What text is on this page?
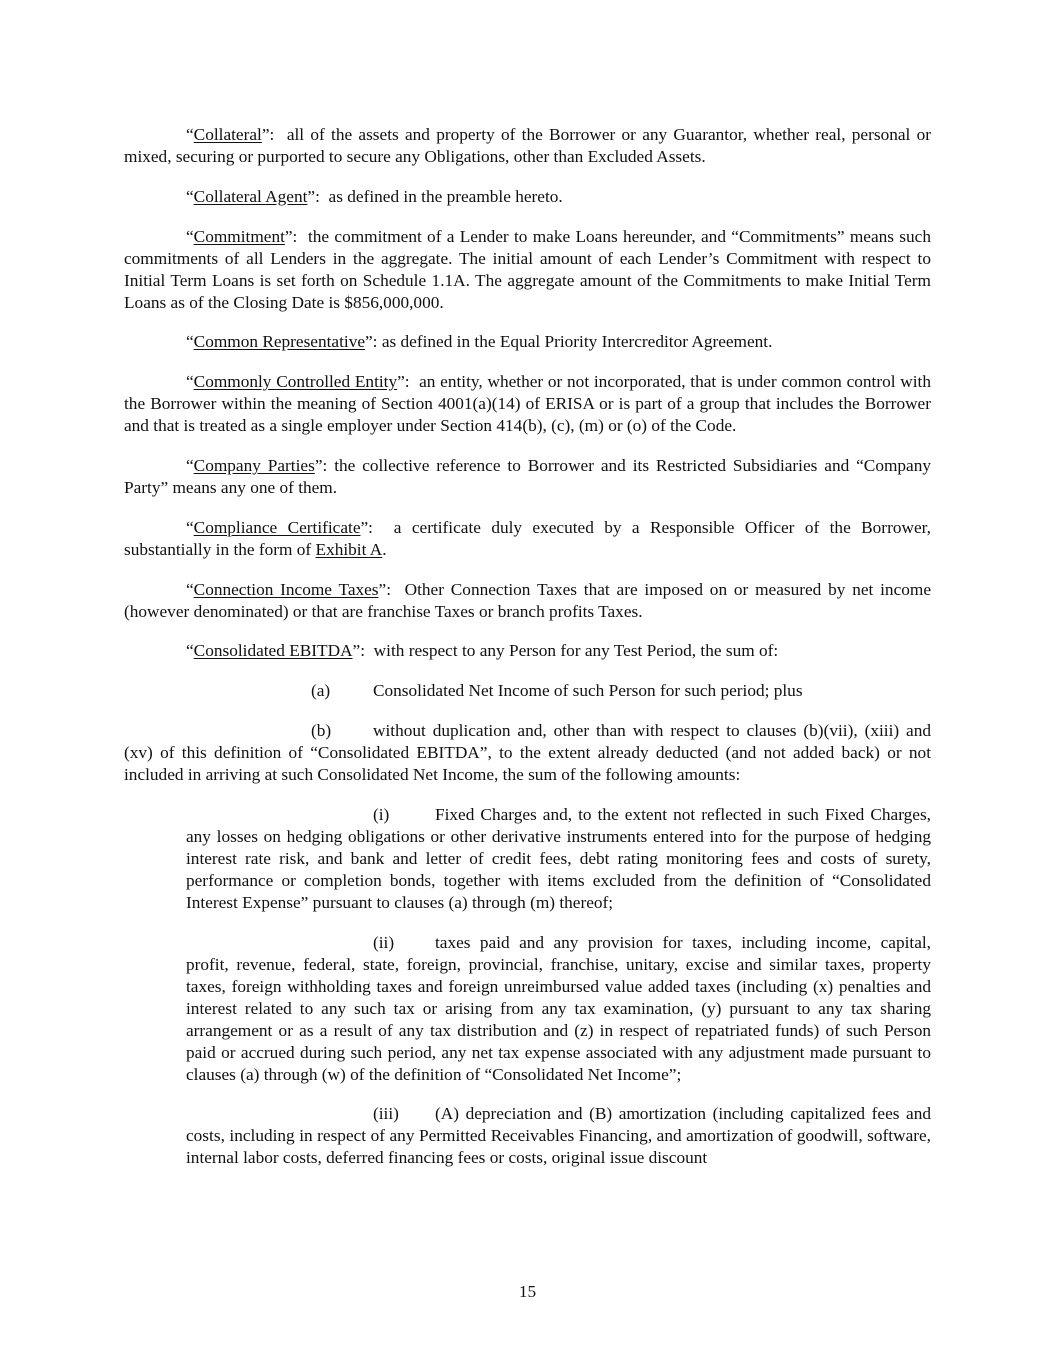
“Collateral”:  all of the assets and property of the Borrower or any Guarantor, whether real, personal or mixed, securing or purported to secure any Obligations, other than Excluded Assets.

“Collateral Agent”:  as defined in the preamble hereto.

“Commitment”:  the commitment of a Lender to make Loans hereunder, and “Commitments” means such commitments of all Lenders in the aggregate. The initial amount of each Lender’s Commitment with respect to Initial Term Loans is set forth on Schedule 1.1A. The aggregate amount of the Commitments to make Initial Term Loans as of the Closing Date is $856,000,000.

“Common Representative”: as defined in the Equal Priority Intercreditor Agreement.

“Commonly Controlled Entity”:  an entity, whether or not incorporated, that is under common control with the Borrower within the meaning of Section 4001(a)(14) of ERISA or is part of a group that includes the Borrower and that is treated as a single employer under Section 414(b), (c), (m) or (o) of the Code.

“Company Parties”: the collective reference to Borrower and its Restricted Subsidiaries and “Company Party” means any one of them.

“Compliance Certificate”:  a certificate duly executed by a Responsible Officer of the Borrower, substantially in the form of Exhibit A.

“Connection Income Taxes”:  Other Connection Taxes that are imposed on or measured by net income (however denominated) or that are franchise Taxes or branch profits Taxes.

“Consolidated EBITDA”:  with respect to any Person for any Test Period, the sum of:

(a) Consolidated Net Income of such Person for such period; plus

(b) without duplication and, other than with respect to clauses (b)(vii), (xiii) and (xv) of this definition of “Consolidated EBITDA”, to the extent already deducted (and not added back) or not included in arriving at such Consolidated Net Income, the sum of the following amounts:

(i)	Fixed Charges and, to the extent not reflected in such Fixed Charges, any losses on hedging obligations or other derivative instruments entered into for the purpose of hedging interest rate risk, and bank and letter of credit fees, debt rating monitoring fees and costs of surety, performance or completion bonds, together with items excluded from the definition of “Consolidated Interest Expense” pursuant to clauses (a) through (m) thereof;

(ii) taxes paid and any provision for taxes, including income, capital, profit, revenue, federal, state, foreign, provincial, franchise, unitary, excise and similar taxes, property taxes, foreign withholding taxes and foreign unreimbursed value added taxes (including (x) penalties and interest related to any such tax or arising from any tax examination, (y) pursuant to any tax sharing arrangement or as a result of any tax distribution and (z) in respect of repatriated funds) of such Person paid or accrued during such period, any net tax expense associated with any adjustment made pursuant to clauses (a) through (w) of the definition of “Consolidated Net Income”;

(iii) (A) depreciation and (B) amortization (including capitalized fees and costs, including in respect of any Permitted Receivables Financing, and amortization of goodwill, software, internal labor costs, deferred financing fees or costs, original issue discount

15
